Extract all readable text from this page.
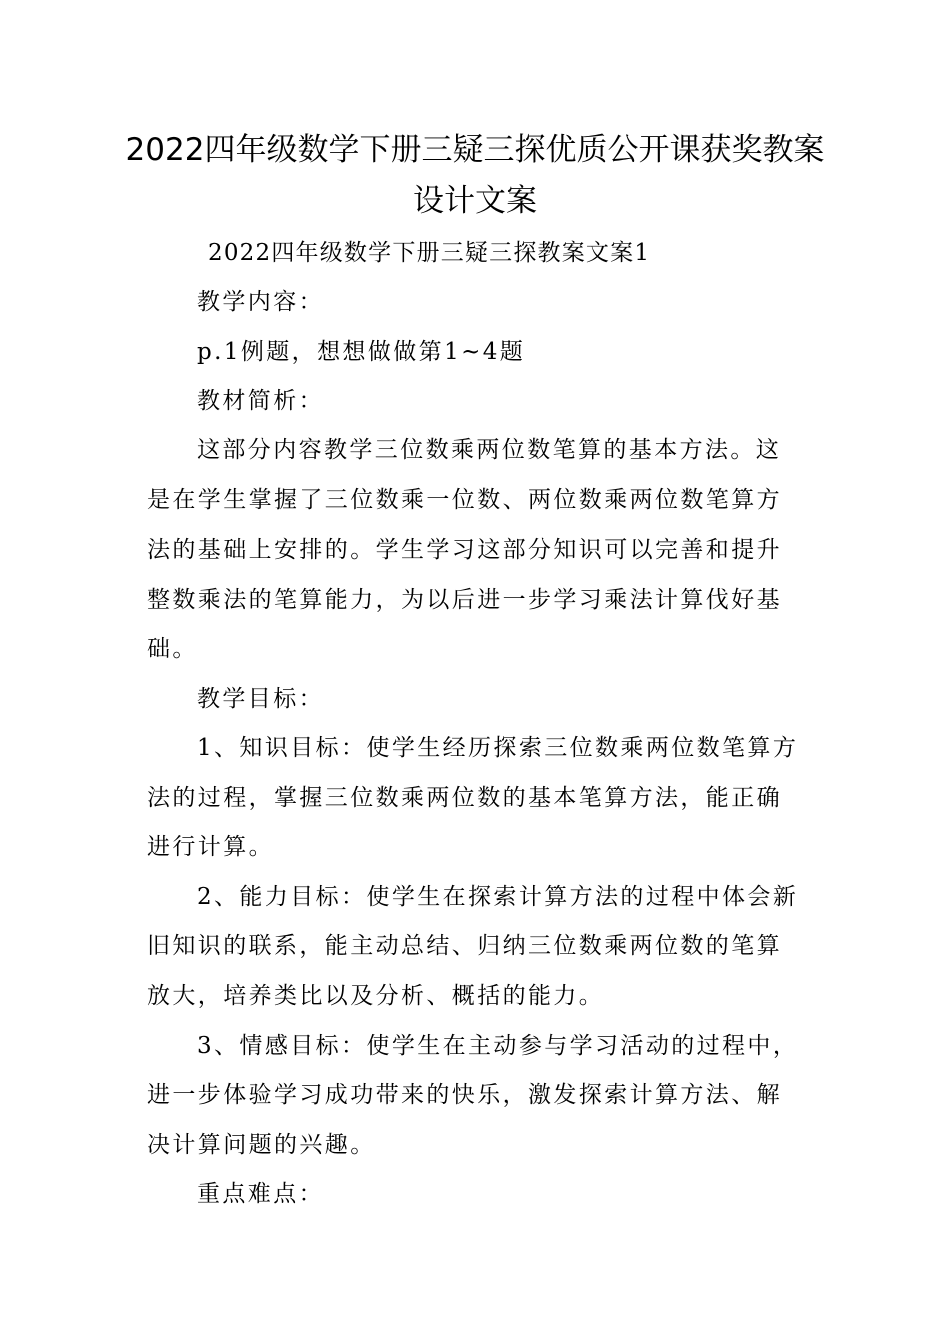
2022四年级数学下册三疑三探优质公开课获奖教案
设计文案
2022四年级数学下册三疑三探教案文案1
教学内容：
p.1例题，想想做做第1~4题
教材简析：
这部分内容教学三位数乘两位数笔算的基本方法。这
是在学生掌握了三位数乘一位数、两位数乘两位数笔算方
法的基础上安排的。学生学习这部分知识可以完善和提升
整数乘法的笔算能力，为以后进一步学习乘法计算伐好基
础。
教学目标：
1、知识目标：使学生经历探索三位数乘两位数笔算方
法的过程，掌握三位数乘两位数的基本笔算方法，能正确
进行计算。
2、能力目标：使学生在探索计算方法的过程中体会新
旧知识的联系，能主动总结、归纳三位数乘两位数的笔算
放大，培养类比以及分析、概括的能力。
3、情感目标：使学生在主动参与学习活动的过程中，
进一步体验学习成功带来的快乐，激发探索计算方法、解
决计算问题的兴趣。
重点难点：
